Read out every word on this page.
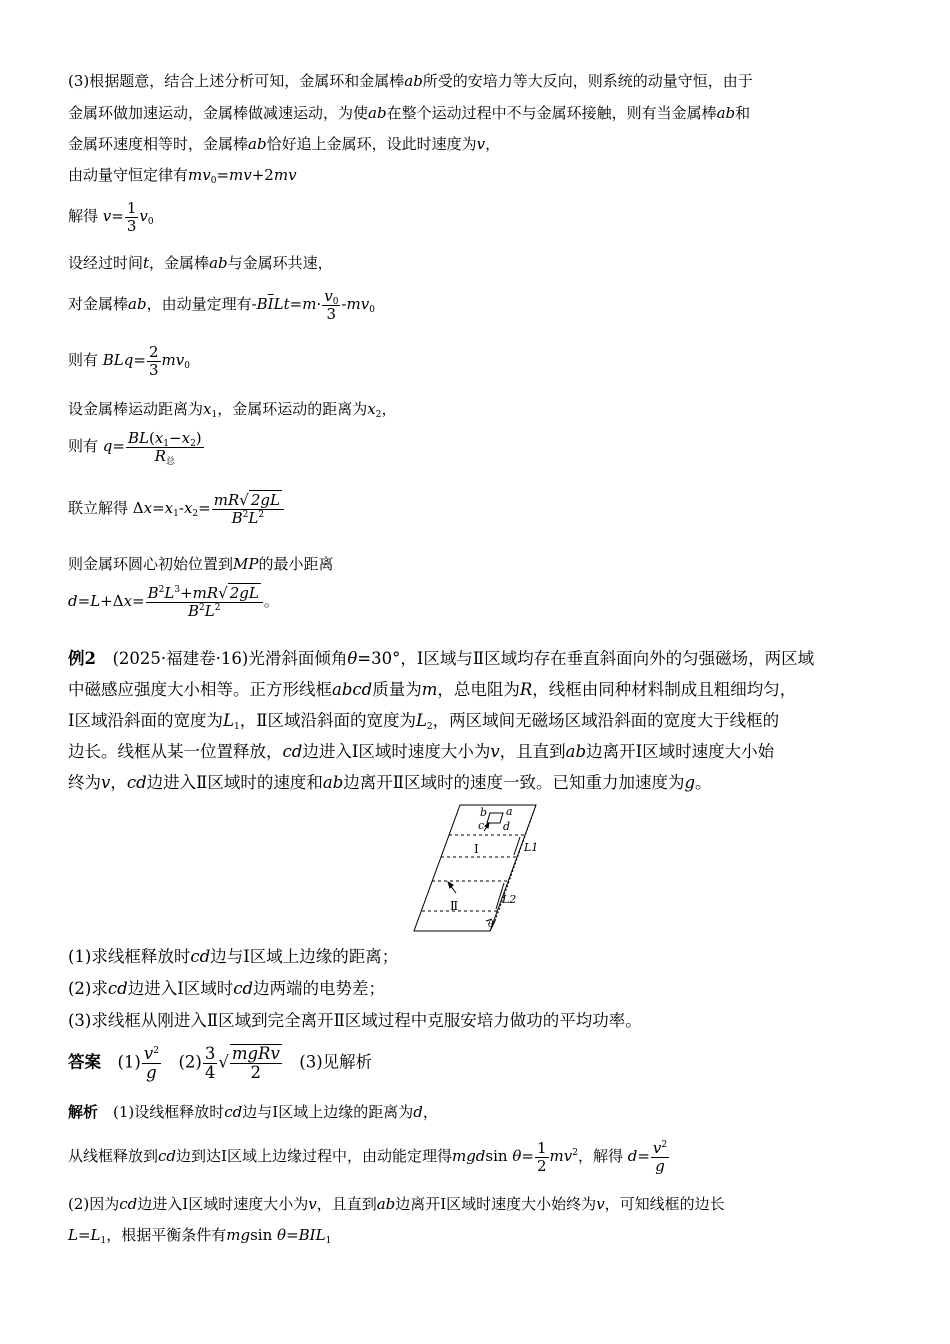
(3)根据题意，结合上述分析可知，金属环和金属棒ab所受的安培力等大反向，则系统的动量守恒，由于
金属环做加速运动，金属棒做减速运动，为使ab在整个运动过程中不与金属环接触，则有当金属棒ab和
金属环速度相等时，金属棒ab恰好追上金属环，设此时速度为v，
由动量守恒定律有$mv_0=mv+2mv$
解得 $v= \frac{1}{3} v_0$
设经过时间t，金属棒ab与金属环共速，
对金属棒ab，由动量定理有$-B\overline{I}Lt=m\cdot \frac{v_0}{3} -mv_0$
则有 $BLq= \frac{2}{3} mv_0$
设金属棒运动距离为$x_1$，金属环运动的距离为$x_2$，
则有 $q= \frac{BL(x_1-x_2)}{R_总}$
联立解得 $\Delta x=x_1-x_2= \frac{mR√ 2gL}{B^2L^2}$
则金属环圆心初始位置到MP的最小距离
$d=L+\Delta x= \frac{B^2L^3+mR√ 2gL}{B^2L^2}$ 。
例2　(2025·福建卷·16)光滑斜面倾角θ=30°，Ⅰ区域与Ⅱ区域均存在垂直斜面向外的匀强磁场，两区域
中磁感应强度大小相等。正方形线框abcd质量为m，总电阻为R，线框由同种材料制成且粗细均匀，
Ⅰ区域沿斜面的宽度为$L_1$，Ⅱ区域沿斜面的宽度为$L_2$，两区域间无磁场区域沿斜面的宽度大于线框的
边长。线框从某一位置释放，cd边进入Ⅰ区域时速度大小为v，且直到ab边离开Ⅰ区域时速度大小始
终为v，cd边进入Ⅱ区域时的速度和ab边离开Ⅱ区域时的速度一致。已知重力加速度为g。
b a
c d
L1
L2
θ
Ⅰ
Ⅱ
(1)求线框释放时cd边与Ⅰ区域上边缘的距离；
(2)求cd边进入Ⅰ区域时cd边两端的电势差；
(3)求线框从刚进入Ⅱ区域到完全离开Ⅱ区域过程中克服安培力做功的平均功率。
答案　$(1) \frac{v^2}{g}$ 　$(2) \frac{3}{4}$ √ $\frac{\text{mgRv}}{2}$ 　(3)见解析
解析　(1)设线框释放时cd边与Ⅰ区域上边缘的距离为d，
从线框释放到cd边到达Ⅰ区域上边缘过程中，由动能定理得mgdsin $\theta= \frac{1}{2} mv^2$，解得 $d= \frac{v^2}{g}$
(2)因为cd边进入Ⅰ区域时速度大小为v，且直到ab边离开Ⅰ区域时速度大小始终为v，可知线框的边长
$L=L_1$，根据平衡条件有mgsin $\theta=BIL_1$
